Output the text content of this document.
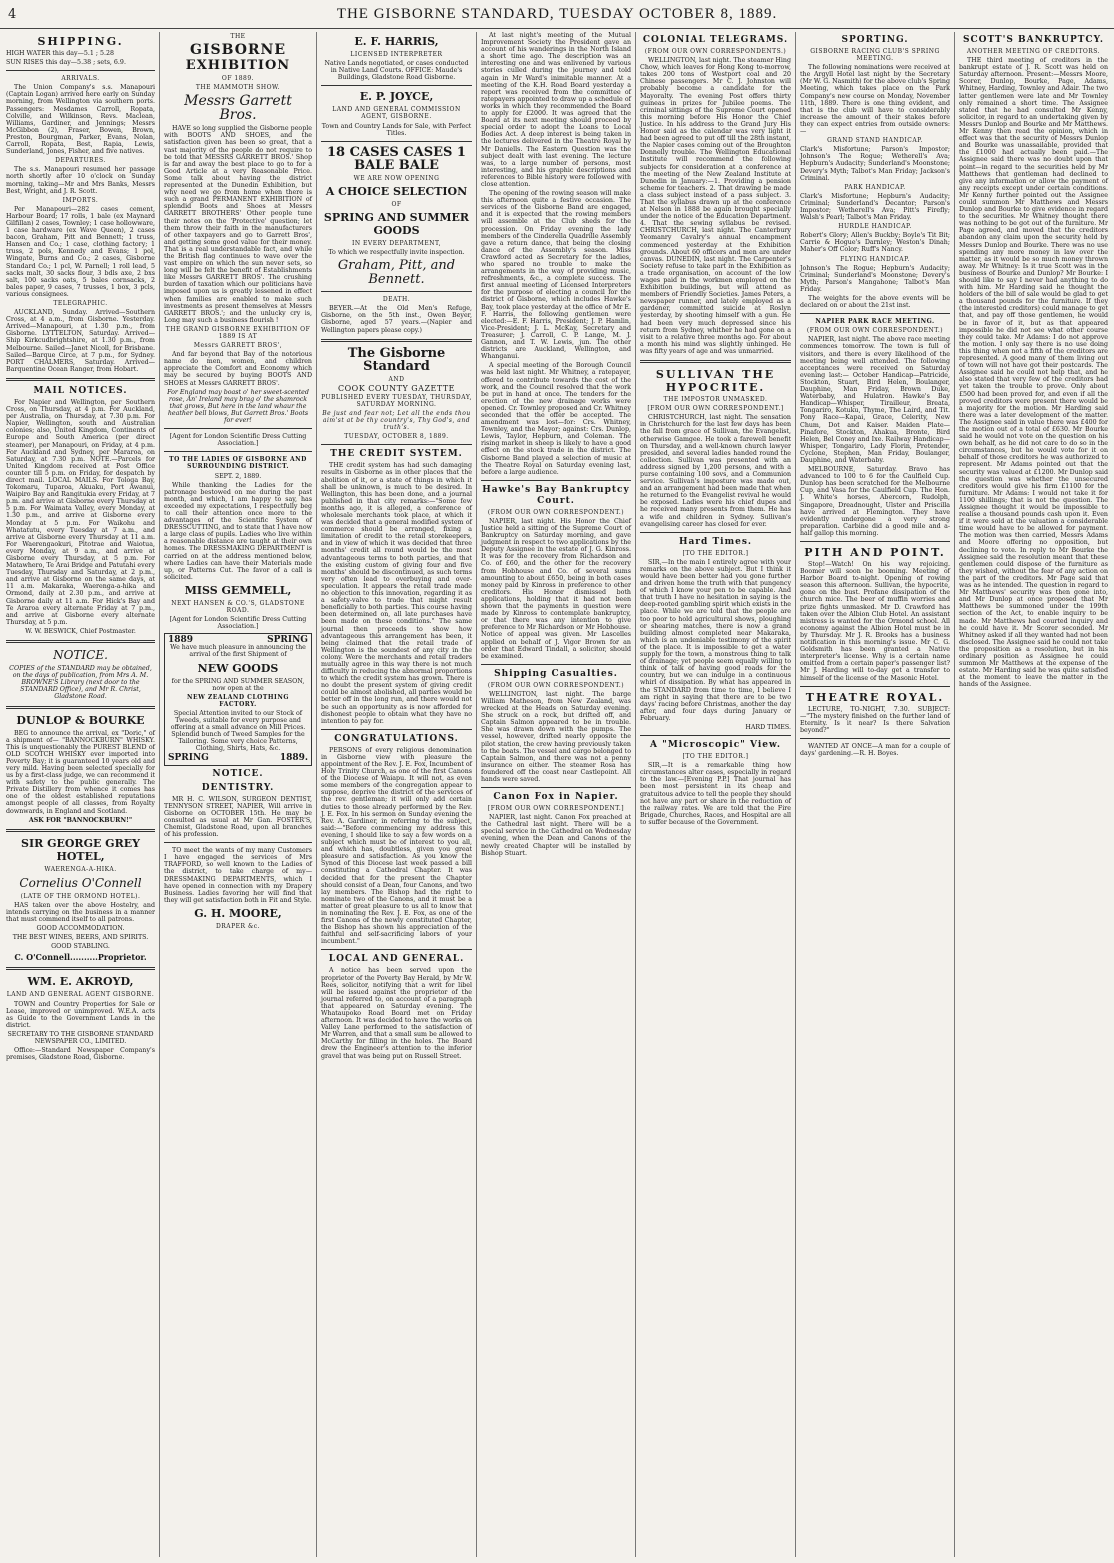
4	THE GISBORNE STANDARD, TUESDAY OCTOBER 8, 1889.
SHIPPING.

HIGH WATER this day—5.1 ; 5.28

SUN RISES this day—5.38 ; sets, 6.9.

ARRIVALS.

The Union Company's s.s. Manapouri (Captain Logan) arrived here early on Sunday morning, from Wellington via southern ports. Passengers: Mesdames Carroll, Ropata, Colville, and Wilkinson, Revs. Maclean, Williams, Gardiner, and Jennings; Messrs McGibbon (2), Fraser, Bowen, Brown, Preston, Bourgman, Parker, Evans, Nolan, Carroll, Ropata, Best, Rapia, Lewis, Sunderland, Jones, Fisher, and five natives.

DEPARTURES.

The s.s. Manapouri resumed her passage north shortly after 10 o'clock on Sunday morning, taking—Mr and Mrs Banks, Messrs Best, Wright, and J. R. Scott.

IMPORTS.

Per Manapouri—282 cases cement, Harbour Board; 17 rolls, 1 bale (ex Maynard Gilfillan) 2 cases, Townley; 1 case hollowware, 1 case hardware (ex Wave Queen), 2 cases bacon, Graham, Pitt and Bennett; 1 truss, Hansen and Co.; 1 case, clothing factory; 1 truss, 2 pols, Kennedy and Evans; 1 pol, Wingate, Burns and Co.; 2 cases, Gisborne Standard Co.; 1 pcl, W. Parnell; 1 roll lead, 5 sacks malt, 30 sacks flour, 3 bdls axe, 2 bxs salt, 100 sacks oats, 5 bales cornsacks, 2 bales paper, 9 cases, 7 trusses, 1 box, 3 pcls, various consignees.

TELEGRAPHIC.

AUCKLAND, Sunday. Arrived—Southern Cross, at 4 a.m., from Gisborne. Yesterday. Arrived—Manapouri, at 1.30 p.m., from Gisborne. LYTTELTON, Saturday. Arrived—Ship Kirkcudbrightshire, at 1.30 p.m., from Melbourne. Sailed—Janet Nicoll, for Brisbane. Sailed—Barque Circe, at 7 p.m., for Sydney. PORT CHALMERS, Saturday. Arrived—Barquentine Ocean Ranger, from Hobart.

MAIL NOTICES.

For Napier and Wellington, per Southern Cross, on Thursday, at 4 p.m. For Auckland, per Australia, on Thursday, at 7.30 p.m. For Napier, Wellington, south and Australian colonies; also, United Kingdom, Continents of Europe and South America (per direct steamer), per Manapouri, on Friday, at 4 p.m. For Auckland and Sydney, per Mararoa, on Saturday, at 7.30 p.m. NOTE.—Parcels for United Kingdom received at Post Office counter till 5 p.m. on Friday, for despatch by direct mail. LOCAL MAILS. For Tologa Bay, Tokomaru, Tuparoa, Akuaku, Port Awanui, Waipiro Bay and Rangitukia every Friday, at 7 p.m. and arrive at Gisborne every Thursday at 5 p.m. For Waimata Valley, every Monday, at 1.30 p.m., and arrive at Gisborne every Monday at 5 p.m. For Waikohu and Whatatutu, every Tuesday at 7 a.m., and arrive at Gisborne every Thursday at 11 a.m. For Waerengaokuri, Pitotrae and Waiotua, every Monday, at 9 a.m., and arrive at Gisborne every Thursday, at 5 p.m. For Matawhero, Te Arai Bridge and Patutahi every Tuesday, Thursday and Saturday, at 2 p.m., and arrive at Gisborne on the same days, at 11 a.m. Makaraka, Waerenga-a-hika and Ormond, daily at 2.30 p.m., and arrive at Gisborne daily at 11 a.m. For Hick's Bay and Te Araroa every alternate Friday at 7 p.m., and arrive at Gisborne every alternate Thursday, at 5 p.m.

W. W. BESWICK, Chief Postmaster.

NOTICE.

COPIES of the STANDARD may be obtained, on the days of publication, from Mrs A. M. BROWNE'S Library (next door to the STANDARD Office), and Mr R. Christ, Gladstone Road.

DUNLOP & BOURKE

BEG to announce the arrival, ex "Doric," of a shipment of— "BANNOCKBURN" WHISKY. This is unquestionably the PUREST BLEND of OLD SCOTCH WHISKY ever imported into Poverty Bay; it is guaranteed 10 years old and very mild. Having been selected specially for us by a first-class judge, we can recommend it with safety to the public generally. The Private Distillery from whence it comes has one of the oldest established reputations amongst people of all classes, from Royalty downwards, in England and Scotland.

ASK FOR "BANNOCKBURN!"

SIR GEORGE GREY HOTEL,
WAERENGA-A-HIKA.
Cornelius O'Connell
(LATE OF THE ORMOND HOTEL).

HAS taken over the above Hostelry, and intends carrying on the business in a manner that must commend itself to all patrons.

GOOD ACCOMMODATION.

THE BEST WINES, BEERS, AND SPIRITS.

GOOD STABLING.

C. O'Connell..........Proprietor.

WM. E. AKROYD,
LAND AND GENERAL AGENT GISBORNE.

TOWN and Country Properties for Sale or Lease, improved or unimproved. W.E.A. acts as Guide to the Government Lands in the district.

SECRETARY TO THE GISBORNE STANDARD NEWSPAPER CO., LIMITED.

Office:—Standard Newspaper Company's premises, Gladstone Road, Gisborne.

THE
GISBORNE
EXHIBITION
OF 1889.
THE MAMMOTH SHOW.
Messrs Garrett Bros.

HAVE so long supplied the Gisborne people with BOOTS AND SHOES, and the satisfaction given has been so great, that a vast majority of the people do not require to be told that MESSRS GARRETT BROS.' Shop is far and away the best place to go to for a Good Article at a very Reasonable Price. Some talk about having the district represented at the Dunedin Exhibition, but why need we go from home when there is such a grand PERMANENT EXHIBITION of splendid Boots and Shoes at Messrs GARRETT BROTHERS' Other people tune their notes on the 'Protective' question; let them throw their faith in the manufacturers of other taxpayers and go to Garrett Bros', and getting some good value for their money. That is a real understandable fact, and while the British flag continues to wave over the vast empire on which the sun never sets, so long will be felt the benefit of Establishments like Messrs GARRETT BROS'. The crushing burden of taxation which our politicians have imposed upon us is greatly lessened in effect when families are enabled to make such investments as present themselves at Messrs GARRETT BROS.'; and the unlucky cry is, Long may such a business flourish !

THE GRAND GISBORNE EXHIBITION OF 1889 IS AT
Messrs GARRETT BROS',

And far beyond that Bay of the notorious name do men, women, and children appreciate the Comfort and Economy which may be secured by buying BOOTS AND SHOES at Messrs GARRETT BROS'.

For England may boast o' her sweet-scented rose, An' Ireland may brag o' the shamrock that grows, But here in the land whaur the heather bell blows, But Garrett Bros.' Boots for ever!

[Agent for London Scientific Dress Cutting Association.]

TO THE LADIES OF GISBORNE AND SURROUNDING DISTRICT.

SEPT. 2, 1889.

While thanking the Ladies for the patronage bestowed on me during the past month, and which, I am happy to say, has exceeded my expectations, I respectfully beg to call their attention once more to the advantages of the Scientific System of DRESSCUTTING, and to state that I have now a large class of pupils. Ladies who live within a reasonable distance are taught at their own homes. The DRESSMAKING DEPARTMENT is carried on at the address mentioned below, where Ladies can have their Materials made up, or Patterns Cut. The favor of a call is solicited.

MISS GEMMELL,
NEXT HANSEN & CO.'S, GLADSTONE ROAD.

[Agent for London Scientific Dress Cutting Association.]

1889	SPRING

We have much pleasure in announcing the arrival of the first Shipment of

NEW GOODS

for the SPRING AND SUMMER SEASON, now open at the

NEW ZEALAND CLOTHING FACTORY.

Special Attention invited to our Stock of Tweeds, suitable for every purpose and offering at a small advance on Mill Prices. Splendid bunch of Tweed Samples for the Tailoring. Some very choice Patterns, Clothing, Shirts, Hats, &c.

SPRING	1889.
NOTICE.
DENTISTRY.

MR H. C. WILSON, SURGEON DENTIST, TENNYSON STREET, NAPIER, Will arrive in Gisborne on OCTOBER 15th. He may be consulted as usual at Mr Gan. FOSTER'S, Chemist, Gladstone Road, upon all branches of his profession.

TO meet the wants of my many Customers I have engaged the services of Mrs TRAFFORD, so well known to the Ladies of the district, to take charge of my— DRESSMAKING DEPARTMENTS, which I have opened in connection with my Drapery Business. Ladies favoring her will find that they will get satisfaction both in Fit and Style.

G. H. MOORE,
DRAPER &c.
E. F. HARRIS,
LICENSED INTERPRETER

Native Lands negotiated, or cases conducted in Native Land Courts. OFFICE: Maude's Buildings, Gladstone Road Gisborne.

E. P. JOYCE,
LAND AND GENERAL COMMISSION AGENT, GISBORNE.

Town and Country Lands for Sale, with Perfect Titles.

18 CASES CASES 1 BALE BALE
WE ARE NOW OPENING
A CHOICE SELECTION
OF
SPRING AND SUMMER GOODS
IN EVERY DEPARTMENT,

To which we respectfully invite inspection.

Graham, Pitt, and Bennett.
DEATH.

BEYER.—At the Old Men's Refuge, Gisborne, on the 5th inst., Owen Beyer, Gisborne, aged 57 years.—(Napier and Wellington papers please copy.)

The Gisborne Standard
AND
COOK COUNTY GAZETTE
PUBLISHED EVERY TUESDAY, THURSDAY, SATURDAY MORNING.
Be just and fear not; Let all the ends thou aim'st at be thy country's, Thy God's, and truth's.
TUESDAY, OCTOBER 8, 1889.
THE CREDIT SYSTEM.

THE credit system has had such damaging results in Gisborne as in other places that the abolition of it, or a state of things in which it shall be unknown, is much to be desired. In Wellington, this has been done, and a journal published in that city remarks:—"Some few months ago, it is alleged, a conference of wholesale merchants took place, at which it was decided that a general modified system of commerce should be arranged, fixing a limitation of credit to the retail storekeepers, and in view of which it was decided that three months' credit all round would be the most advantageous terms to both parties, and that the existing custom of giving four and five months' should be discontinued, as such terms very often lead to overbuying and over-speculation. It appears the retail trade made no objection to this innovation, regarding it as a safety-valve to trade that might result beneficially to both parties. This course having been determined on, all late purchases have been made on these conditions." The same journal then proceeds to show how advantageous this arrangement has been, it being claimed that the retail trade of Wellington is the soundest of any city in the colony. Were the merchants and retail traders mutually agree in this way there is not much difficulty in reducing the abnormal proportions to which the credit system has grown. There is no doubt the present system of giving credit could be almost abolished, all parties would be better off in the long run, and there would not be such an opportunity as is now afforded for dishonest people to obtain what they have no intention to pay for.

CONGRATULATIONS.

PERSONS of every religious denomination in Gisborne view with pleasure the appointment of the Rev. J. E. Fox, Incumbent of Holy Trinity Church, as one of the first Canons of the Diocese of Waiapu. It will not, as even some members of the congregation appear to suppose, deprive the district of the services of the rev. gentleman; it will only add certain duties to those already performed by the Rev. J. E. Fox. In his sermon on Sunday evening the Rev. A. Gardiner, in referring to the subject, said:—"Before commencing my address this evening, I should like to say a few words on a subject which must be of interest to you all, and which has, doubtless, given you great pleasure and satisfaction. As you know the Synod of this Diocese last week passed a bill constituting a Cathedral Chapter. It was decided that for the present the Chapter should consist of a Dean, four Canons, and two lay members. The Bishop had the right to nominate two of the Canons, and it must be a matter of great pleasure to us all to know that in nominating the Rev. J. E. Fox, as one of the first Canons of the newly constituted Chapter, the Bishop has shown his appreciation of the faithful and self-sacrificing labors of your incumbent."

LOCAL AND GENERAL.

A notice has been served upon the proprietor of the Poverty Bay Herald, by Mr W. Rees, solicitor, notifying that a writ for libel will be issued against the proprietor of the journal referred to, on account of a paragraph that appeared on Saturday evening. The Whataupoko Road Board met on Friday afternoon. It was decided to have the works on Valley Lane performed to the satisfaction of Mr Warren, and that a small sum be allowed to McCarthy for filling in the holes. The Board drew the Engineer's attention to the inferior gravel that was being put on Russell Street.

At last night's meeting of the Mutual Improvement Society the President gave an account of his wanderings in the North Island a short time ago. The description was an interesting one and was enlivened by various stories culled during the journey and told again in Mr Ward's inimitable manner. At a meeting of the K.H. Road Board yesterday a report was received from the committee of ratepayers appointed to draw up a schedule of works in which they recommended the Board to apply for £2000. It was agreed that the Board at its next meeting should proceed by special order to adopt the Loans to Local Bodies Act. A deep interest is being taken in the lectures delivered in the Theatre Royal by Mr Daniells. The Eastern Question was the subject dealt with last evening. The lecture was, to a large number of persons, most interesting, and his graphic descriptions and references to Bible history were followed with close attention.

The opening of the rowing season will make this afternoon quite a festive occasion. The services of the Gisborne Band are engaged, and it is expected that the rowing members will assemble at the Club sheds for the procession. On Friday evening the lady members of the Cinderella Quadrille Assembly gave a return dance, that being the closing dance of the Assembly's season. Miss Crawford acted as Secretary for the ladies, who spared no trouble to make the arrangements in the way of providing music, refreshments, &c., a complete success. The first annual meeting of Licensed Interpreters for the purpose of electing a council for the district of Gisborne, which includes Hawke's Bay, took place yesterday at the office of Mr E. F. Harris, the following gentlemen were elected:—E. F. Harris, President; J. P. Hamlin, Vice-President; J. L. McKay, Secretary and Treasurer; J. Carroll, C. P. Lange, M. J. Gannon, and T. W. Lewis, jun. The other districts are Auckland, Wellington, and Whanganui.

A special meeting of the Borough Council was held last night. Mr Whitney, a ratepayer, offered to contribute towards the cost of the work, and the Council resolved that the work be put in hand at once. The tenders for the erection of the new drainage works were opened. Cr. Townley proposed and Cr. Whitney seconded that the offer be accepted. The amendment was lost—for: Crs. Whitney, Townley, and the Mayor; against: Crs. Dunlop, Lewis, Taylor, Hepburn, and Coleman. The rising market in sheep is likely to have a good effect on the stock trade in the district. The Gisborne Band played a selection of music at the Theatre Royal on Saturday evening last, before a large audience.

Hawke's Bay Bankruptcy Court.
(FROM OUR OWN CORRESPONDENT.)

NAPIER, last night. His Honor the Chief Justice held a sitting of the Supreme Court of Bankruptcy on Saturday morning, and gave judgment in respect to two applications by the Deputy Assignee in the estate of J. G. Kinross. It was for the recovery from Richardson and Co. of £60, and the other for the recovery from Hobhouse and Co. of several sums amounting to about £650, being in both cases money paid by Kinross in preference to other creditors. His Honor dismissed both applications, holding that it had not been shown that the payments in question were made by Kinross to contemplate bankruptcy, or that there was any intention to give preference to Mr Richardson or Mr Hobhouse. Notice of appeal was given. Mr Lascelles applied on behalf of J. Vigor Brown for an order that Edward Tindall, a solicitor, should be examined.

Shipping Casualties.
(FROM OUR OWN CORRESPONDENT.)

WELLINGTON, last night. The barge William Matheson, from New Zealand, was wrecked at the Heads on Saturday evening. She struck on a rock, but drifted off, and Captain Salmon appeared to be in trouble. She was drawn down with the pumps. The vessel, however, drifted nearly opposite the pilot station, the crew having previously taken to the boats. The vessel and cargo belonged to Captain Salmon, and there was not a penny insurance on either. The steamer Rosa has foundered off the coast near Castlepoint. All hands were saved.

Canon Fox in Napier.
[FROM OUR OWN CORRESPONDENT.]

NAPIER, last night. Canon Fox preached at the Cathedral last night. There will be a special service in the Cathedral on Wednesday evening, when the Dean and Canons of the newly created Chapter will be installed by Bishop Stuart.

COLONIAL TELEGRAMS.
(FROM OUR OWN CORRESPONDENTS.)

WELLINGTON, last night. The steamer Hing Chow, which leaves for Hong Kong to-morrow, takes 200 tons of Westport coal and 20 Chinese passengers. Mr C. J. Johnston will probably become a candidate for the Mayoralty. The evening Post offers thirty guineas in prizes for Jubilee poems. The criminal sittings of the Supreme Court opened this morning before His Honor the Chief Justice. In his address to the Grand Jury His Honor said as the calendar was very light it had been agreed to put off till the 28th instant, the Napier cases coming out of the Broughton Donnelly trouble. The Wellington Educational Institute will recommend the following subjects for consideration at a conference at the meeting of the New Zealand Institute at Dunedin in January:—1. Providing a pension scheme for teachers. 2. That drawing be made a class subject instead of a pass subject. 3. That the syllabus drawn up at the conference at Nelson in 1888 be again brought specially under the notice of the Education Department. 4. That the sewing syllabus be revised. CHRISTCHURCH, last night. The Canterbury Yeomanry Cavalry's annual encampment commenced yesterday at the Exhibition grounds. About 60 officers and men are under canvas. DUNEDIN, last night. The Carpenter's Society refuse to take part in the Exhibition as a trade organisation, on account of the low wages paid in the workmen employed on the Exhibition buildings, but will attend as members of Friendly Societies. James Peters, a newspaper runner, and lately employed as a gardener, committed suicide at Roslyn yesterday, by shooting himself with a gun. He had been very much depressed since his return from Sydney, whither he had gone on a visit to a relative three months ago. For about a month his mind was slightly unhinged. He was fifty years of age and was unmarried.

SULLIVAN THE HYPOCRITE.
THE IMPOSTOR UNMASKED.
[FROM OUR OWN CORRESPONDENT.]

CHRISTCHURCH, last night. The sensation in Christchurch for the last few days has been the fall from grace of Sullivan, the Evangelist, otherwise Gamgee. He took a farewell benefit on Thursday, and a well-known church lawyer presided, and several ladies handed round the collection. Sullivan was presented with an address signed by 1,200 persons, and with a purse containing 100 sovs, and a Communion service. Sullivan's imposture was made out, and an arrangement had been made that when he returned to the Evangelist revival he would be exposed. Ladies were his chief dupes and he received many presents from them. He has a wife and children in Sydney. Sullivan's evangelising career has closed for ever.

Hard Times.
[TO THE EDITOR.]

SIR,—In the main I entirely agree with your remarks on the above subject. But I think it would have been better had you gone further and driven home the truth with that pungency of which I know your pen to be capable. And that truth I have no hesitation in saying is the deep-rooted gambling spirit which exists in the place. While we are told that the people are too poor to hold agricultural shows, ploughing or shearing matches, there is now a grand building almost completed near Makaraka, which is an undeniable testimony of the spirit of the place. It is impossible to get a water supply for the town, a monstrous thing to talk of drainage; yet people seem equally willing to think of talk of having good roads for the country, but we can indulge in a continuous whirl of dissipation. By what has appeared in the STANDARD from time to time, I believe I am right in saying that there are to be two days' racing before Christmas, another the day after, and four days during January or February.

HARD TIMES.

A "Microscopic" View.
[TO THE EDITOR.]

SIR,—It is a remarkable thing how circumstances alter cases, especially in regard to the law.—[Evening P.P.] That journal has been most persistent in its cheap and gratuitous advice to tell the people they should not have any part or share in the reduction of the railway rates. We are told that the Fire Brigade, Churches, Races, and Hospital are all to suffer because of the Government.

SPORTING.
GISBORNE RACING CLUB'S SPRING MEETING.

The following nominations were received at the Argyll Hotel last night by the Secretary (Mr W. G. Nasmith) for the above club's Spring Meeting, which takes place on the Park Company's new course on Monday, November 11th, 1889. There is one thing evident, and that is the club will have to considerably increase the amount of their stakes before they can expect entries from outside owners:—

GRAND STAND HANDICAP.

Clark's Misfortune; Parson's Impostor; Johnson's The Rogue; Wetherell's Ava; Hepburn's Audacity; Sunderland's Moonstone; Devery's Myth; Talbot's Man Friday; Jackson's Criminal.

PARK HANDICAP.

Clark's Misfortune; Hepburn's Audacity; Criminal; Sunderland's Decantor; Parson's Impostor; Wetherell's Ava; Pitt's Firefly; Walsh's Pearl; Talbot's Man Friday.

HURDLE HANDICAP.

Robert's Glory; Allen's Buckby; Boyle's Tit Bit; Carrie & Hogue's Darnley; Weston's Dinah; Maher's Off Color; Ruff's Nancy.

FLYING HANDICAP.

Johnson's The Rogue; Hepburn's Audacity; Criminal; Sunderland's Moonstone; Devery's Myth; Parson's Mangahone; Talbot's Man Friday.

The weights for the above events will be declared on or about the 21st inst.

NAPIER PARK RACE MEETING.
(FROM OUR OWN CORRESPONDENT.)

NAPIER, last night. The above race meeting commences tomorrow. The town is full of visitors, and there is every likelihood of the meeting being well attended. The following acceptances were received on Saturday evening last:— October Handicap—Patricide, Stockton, Stuart, Bird Helen, Boulanger, Dauphine, Man Friday, Brown Duke, Waterbaby, and Hulatron. Hawke's Bay Handicap—Whisper, Tirailleur, Breata, Tongariro, Kotuku, Thyme, The Laird, and Tit. Pony Race—Kapai, Grace, Celerity, New Chum, Dot and Kaiser. Maiden Plate—Pinafore, Stockton, Ahakua, Bronte, Bird Helen, Bel Coney and Ixe. Railway Handicap—Whisper, Tongariro, Lady Florin, Pretender, Cyclone, Stephen, Man Friday, Boulanger, Dauphine, and Waterbaby.

MELBOURNE, Saturday. Bravo has advanced to 100 to 6 for the Caulfield Cup. Dunlop has been scratched for the Melbourne Cup, and Vasa for the Caulfield Cup. The Hon. J. White's horses, Abercorn, Rudolph, Singapore, Dreadnought, Ulster and Priscilla have arrived at Flemington. They have evidently undergone a very strong preparation. Carbine did a good mile and a-half gallop this morning.

PITH AND POINT.

Stop!—Watch! On his way rejoicing. Boomer will soon be booming. Meeting of Harbor Board to-night. Opening of rowing season this afternoon. Sullivan, the hypocrite, gone on the bust. Profane dissipation of the church mice. The beer of muffin worries and prize fights unmasked. Mr D. Crawford has taken over the Albion Club Hotel. An assistant mistress is wanted for the Ormond school. All economy against the Albion Hotel must be in by Thursday. Mr J. R. Brooks has a business notification in this morning's issue. Mr C. G. Goldsmith has been granted a Native interpreter's license. Why is a certain name omitted from a certain paper's passenger list? Mr J. Harding will to-day get a transfer to himself of the license of the Masonic Hotel.

THEATRE ROYAL.

LECTURE, TO-NIGHT, 7.30. SUBJECT:—"The mystery finished on the further land of Eternity. Is it near? Is there Salvation beyond?"

WANTED AT ONCE—A man for a couple of days' gardening.—R. H. Boyes.

SCOTT'S BANKRUPTCY.
ANOTHER MEETING OF CREDITORS.

THE third meeting of creditors in the bankrupt estate of J. R. Scott was held on Saturday afternoon. Present:—Messrs Moore, Scorer, Dunlop, Bourke, Page, Adams, Whitney, Harding, Townley and Adair. The two latter gentlemen were late and Mr Townley only remained a short time. The Assignee stated that he had consulted Mr Kenny, solicitor, in regard to an undertaking given by Messrs Dunlop and Bourke and Mr Matthews. Mr Kenny then read the opinion, which in effect was that the security of Messrs Dunlop and Bourke was unassailable, provided that the £1000 had actually been paid.—The Assignee said there was no doubt upon that point—in regard to the securities held by Mr Matthews that gentleman had declined to give any information or allow the payment of any receipts except under certain conditions. Mr Kenny further pointed out the Assignee could summon Mr Matthews and Messrs Dunlop and Bourke to give evidence in regard to the securities. Mr Whitney thought there was nothing to be got out of the furniture. Mr Page agreed, and moved that the creditors abandon any claim upon the security held by Messrs Dunlop and Bourke. There was no use spending any more money in law over the matter, as it would be so much money thrown away. Mr Whitney: Is it true Scott was in the business of Bourke and Dunlop? Mr Bourke: I should like to say I never had anything to do with him. Mr Harding said he thought the holders of the bill of sale would be glad to get a thousand pounds for the furniture. If they (the interested creditors) could manage to get that, and pay off those gentlemen, he would be in favor of it, but as that appeared impossible he did not see what other course they could take. Mr Adams: I do not approve the motion. I only say there is no use doing this thing when not a fifth of the creditors are represented. A good many of them living out of town will not have got their postcards. The Assignee said he could not help that, and he also stated that very few of the creditors had yet taken the trouble to prove. Only about £500 had been proved for, and even if all the proved creditors were present there would be a majority for the motion. Mr Harding said there was a later development of the matter. The Assignee said in value there was £400 for the motion out of a total of £630. Mr Bourke said he would not vote on the question on his own behalf, as he did not care to do so in the circumstances, but he would vote for it on behalf of those creditors he was authorized to represent. Mr Adams pointed out that the security was valued at £1200. Mr Dunlop said the question was whether the unsecured creditors would give his firm £1100 for the furniture. Mr Adams: I would not take it for 1100 shillings; that is not the question. The Assignee thought it would be impossible to realise a thousand pounds cash upon it. Even if it were sold at the valuation a considerable time would have to be allowed for payment. The motion was then carried, Messrs Adams and Moore offering no opposition, but declining to vote. In reply to Mr Bourke the Assignee said the resolution meant that these gentlemen could dispose of the furniture as they wished, without the fear of any action on the part of the creditors. Mr Page said that was as he intended. The question in regard to Mr Matthews' security was then gone into, and Mr Dunlop at once proposed that Mr Matthews be summoned under the 199th section of the Act, to enable inquiry to be made. Mr Matthews had courted inquiry and he could have it. Mr Scorer seconded. Mr Whitney asked if all they wanted had not been disclosed. The Assignee said he could not take the proposition as a resolution, but in his ordinary position as Assignee he could summon Mr Matthews at the expense of the estate. Mr Harding said he was quite satisfied at the moment to leave the matter in the hands of the Assignee.
